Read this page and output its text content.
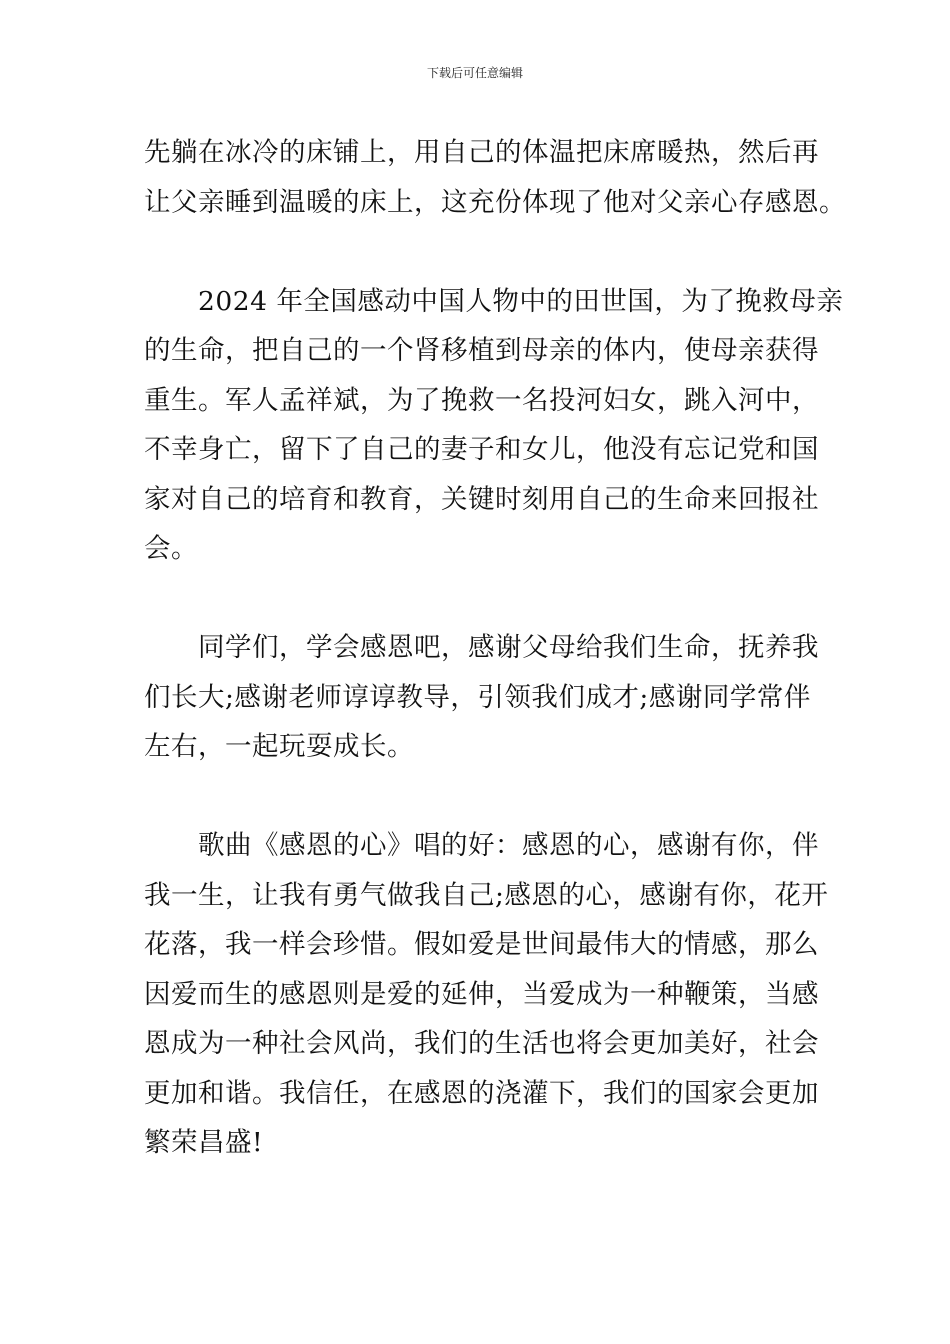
下载后可任意编辑

先躺在冰冷的床铺上，用自己的体温把床席暖热，然后再
让父亲睡到温暖的床上，这充份体现了他对父亲心存感恩。

2024 年全国感动中国人物中的田世国，为了挽救母亲
的生命，把自己的一个肾移植到母亲的体内，使母亲获得
重生。军人孟祥斌，为了挽救一名投河妇女，跳入河中，
不幸身亡，留下了自己的妻子和女儿，他没有忘记党和国
家对自己的培育和教育，关键时刻用自己的生命来回报社
会。

同学们，学会感恩吧，感谢父母给我们生命，抚养我
们长大;感谢老师谆谆教导，引领我们成才;感谢同学常伴
左右，一起玩耍成长。

歌曲《感恩的心》唱的好：感恩的心，感谢有你，伴
我一生，让我有勇气做我自己;感恩的心，感谢有你，花开
花落，我一样会珍惜。假如爱是世间最伟大的情感，那么
因爱而生的感恩则是爱的延伸，当爱成为一种鞭策，当感
恩成为一种社会风尚，我们的生活也将会更加美好，社会
更加和谐。我信任，在感恩的浇灌下，我们的国家会更加
繁荣昌盛!
